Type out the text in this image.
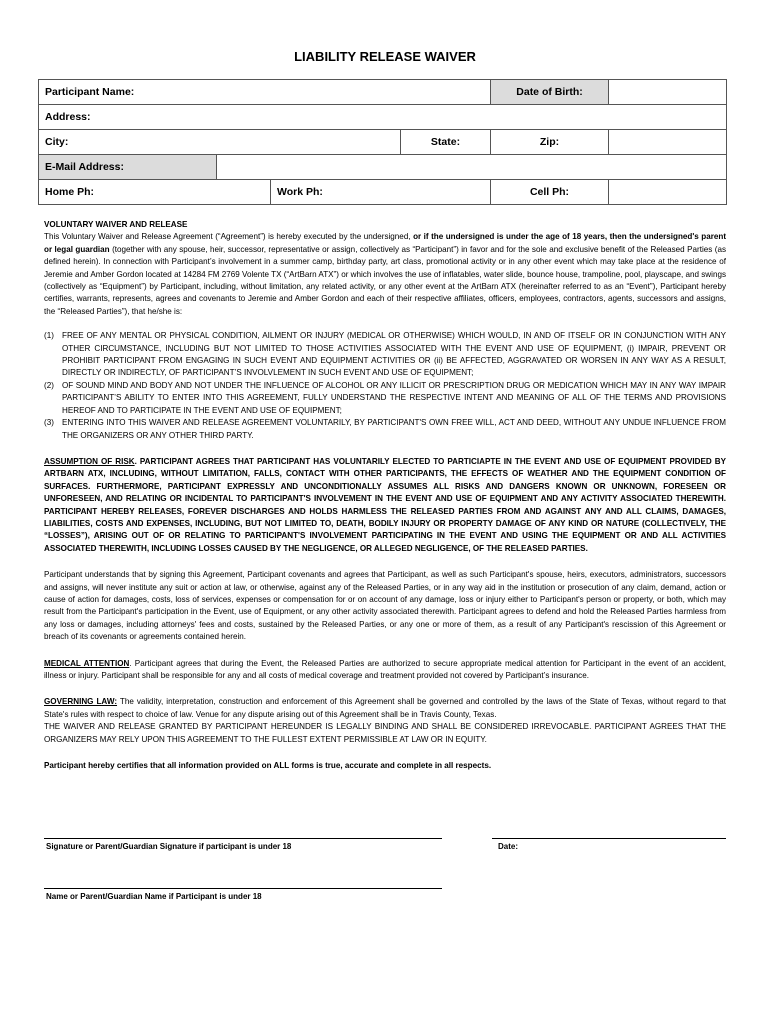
LIABILITY RELEASE WAIVER
Participant Name:				Date of Birth:	
Address:					
City:			State:	Zip:	
E-Mail Address:					
Home Ph:		Work Ph:		Cell Ph:	

VOLUNTARY WAIVER AND RELEASE

This Voluntary Waiver and Release Agreement (“Agreement”) is hereby executed by the undersigned, or if the undersigned is under the age of 18 years, then the undersigned's parent or legal guardian (together with any spouse, heir, successor, representative or assign, collectively as “Participant”) in favor and for the sole and exclusive benefit of the Released Parties (as defined herein). In connection with Participant’s involvement in a summer camp, birthday party, art class, promotional activity or in any other event which may take place at the residence of Jeremie and Amber Gordon located at 14284 FM 2769 Volente TX (“ArtBarn ATX”) or which involves the use of inflatables, water slide, bounce house, trampoline, pool, playscape, and swings (collectively as “Equipment”) by Participant, including, without limitation, any related activity, or any other event at the ArtBarn ATX (hereinafter referred to as an “Event”), Participant hereby certifies, warrants, represents, agrees and covenants to Jeremie and Amber Gordon and each of their respective affiliates, officers, employees, contractors, agents, successors and assigns, the “Released Parties”), that he/she is:

(1) FREE OF ANY MENTAL OR PHYSICAL CONDITION, AILMENT OR INJURY (MEDICAL OR OTHERWISE) WHICH WOULD, IN AND OF ITSELF OR IN CONJUNCTION WITH ANY OTHER CIRCUMSTANCE, INCLUDING BUT NOT LIMITED TO THOSE ACTIVITIES ASSOCIATED WITH THE EVENT AND USE OF EQUIPMENT, (i) IMPAIR, PREVENT OR PROHIBIT PARTICIPANT FROM ENGAGING IN SUCH EVENT AND EQUIPMENT ACTIVITIES OR (ii) BE AFFECTED, AGGRAVATED OR WORSEN IN ANY WAY AS A RESULT, DIRECTLY OR INDIRECTLY, OF PARTICIPANT’S INVOLVLEMENT IN SUCH EVENT AND USE OF EQUIPMENT;
(2) OF SOUND MIND AND BODY AND NOT UNDER THE INFLUENCE OF ALCOHOL OR ANY ILLICIT OR PRESCRIPTION DRUG OR MEDICATION WHICH MAY IN ANY WAY IMPAIR PARTICIPANT’S ABILITY TO ENTER INTO THIS AGREEMENT, FULLY UNDERSTAND THE RESPECTIVE INTENT AND MEANING OF ALL OF THE TERMS AND PROVISIONS HEREOF AND TO PARTICIPATE IN THE EVENT AND USE OF EQUIPMENT;
(3) ENTERING INTO THIS WAIVER AND RELEASE AGREEMENT VOLUNTARILY, BY PARTICIPANT'S OWN FREE WILL, ACT AND DEED, WITHOUT ANY UNDUE INFLUENCE FROM THE ORGANIZERS OR ANY OTHER THIRD PARTY.

ASSUMPTION OF RISK. PARTICIPANT AGREES THAT PARTICIPANT HAS VOLUNTARILY ELECTED TO PARTICIAPTE IN THE EVENT AND USE OF EQUIPMENT PROVIDED BY ARTBARN ATX, INCLUDING, WITHOUT LIMITATION, FALLS, CONTACT WITH OTHER PARTICIPANTS, THE EFFECTS OF WEATHER AND THE EQUIPMENT CONDITION OF SURFACES. FURTHERMORE, PARTICIPANT EXPRESSLY AND UNCONDITIONALLY ASSUMES ALL RISKS AND DANGERS KNOWN OR UNKNOWN, FORESEEN OR UNFORESEEN, AND RELATING OR INCIDENTAL TO PARTICIPANT'S INVOLVEMENT IN THE EVENT AND USE OF EQUIPMENT AND ANY ACTIVITY ASSOCIATED THEREWITH. PARTICIPANT HEREBY RELEASES, FOREVER DISCHARGES AND HOLDS HARMLESS THE RELEASED PARTIES FROM AND AGAINST ANY AND ALL CLAIMS, DAMAGES, LIABILITIES, COSTS AND EXPENSES, INCLUDING, BUT NOT LIMITED TO, DEATH, BODILY INJURY OR PROPERTY DAMAGE OF ANY KIND OR NATURE (COLLECTIVELY, THE “LOSSES”), ARISING OUT OF OR RELATING TO PARTICIPANT'S INVOLVEMENT PARTICIPATING IN THE EVENT AND USING THE EQUIPMENT OR AND ALL ACTIVITIES ASSOCIATED THEREWITH, INCLUDING LOSSES CAUSED BY THE NEGLIGENCE, OR ALLEGED NEGLIGENCE, OF THE RELEASED PARTIES.

Participant understands that by signing this Agreement, Participant covenants and agrees that Participant, as well as such Participant's spouse, heirs, executors, administrators, successors and assigns, will never institute any suit or action at law, or otherwise, against any of the Released Parties, or in any way aid in the institution or prosecution of any claim, demand, action or cause of action for damages, costs, loss of services, expenses or compensation for or on account of any damage, loss or injury either to Participant's person or property, or both, which may result from the Participant's participation in the Event, use of Equipment, or any other activity associated therewith. Participant agrees to defend and hold the Released Parties harmless from any loss or damages, including attorneys' fees and costs, sustained by the Released Parties, or any one or more of them, as a result of any Participant's rescission of this Agreement or breach of its covenants or agreements contained herein.

MEDICAL ATTENTION. Participant agrees that during the Event, the Released Parties are authorized to secure appropriate medical attention for Participant in the event of an accident, illness or injury. Participant shall be responsible for any and all costs of medical coverage and treatment provided not covered by Participant’s insurance.

GOVERNING LAW: The validity, interpretation, construction and enforcement of this Agreement shall be governed and controlled by the laws of the State of Texas, without regard to that State's rules with respect to choice of law. Venue for any dispute arising out of this Agreement shall be in Travis County, Texas.

THE WAIVER AND RELEASE GRANTED BY PARTICIPANT HEREUNDER IS LEGALLY BINDING AND SHALL BE CONSIDERED IRREVOCABLE. PARTICIPANT AGREES THAT THE ORGANIZERS MAY RELY UPON THIS AGREEMENT TO THE FULLEST EXTENT PERMISSIBLE AT LAW OR IN EQUITY.

Participant hereby certifies that all information provided on ALL forms is true, accurate and complete in all respects.

Signature or Parent/Guardian Signature if participant is under 18	Date:
Name or Parent/Guardian Name if Participant is under 18
